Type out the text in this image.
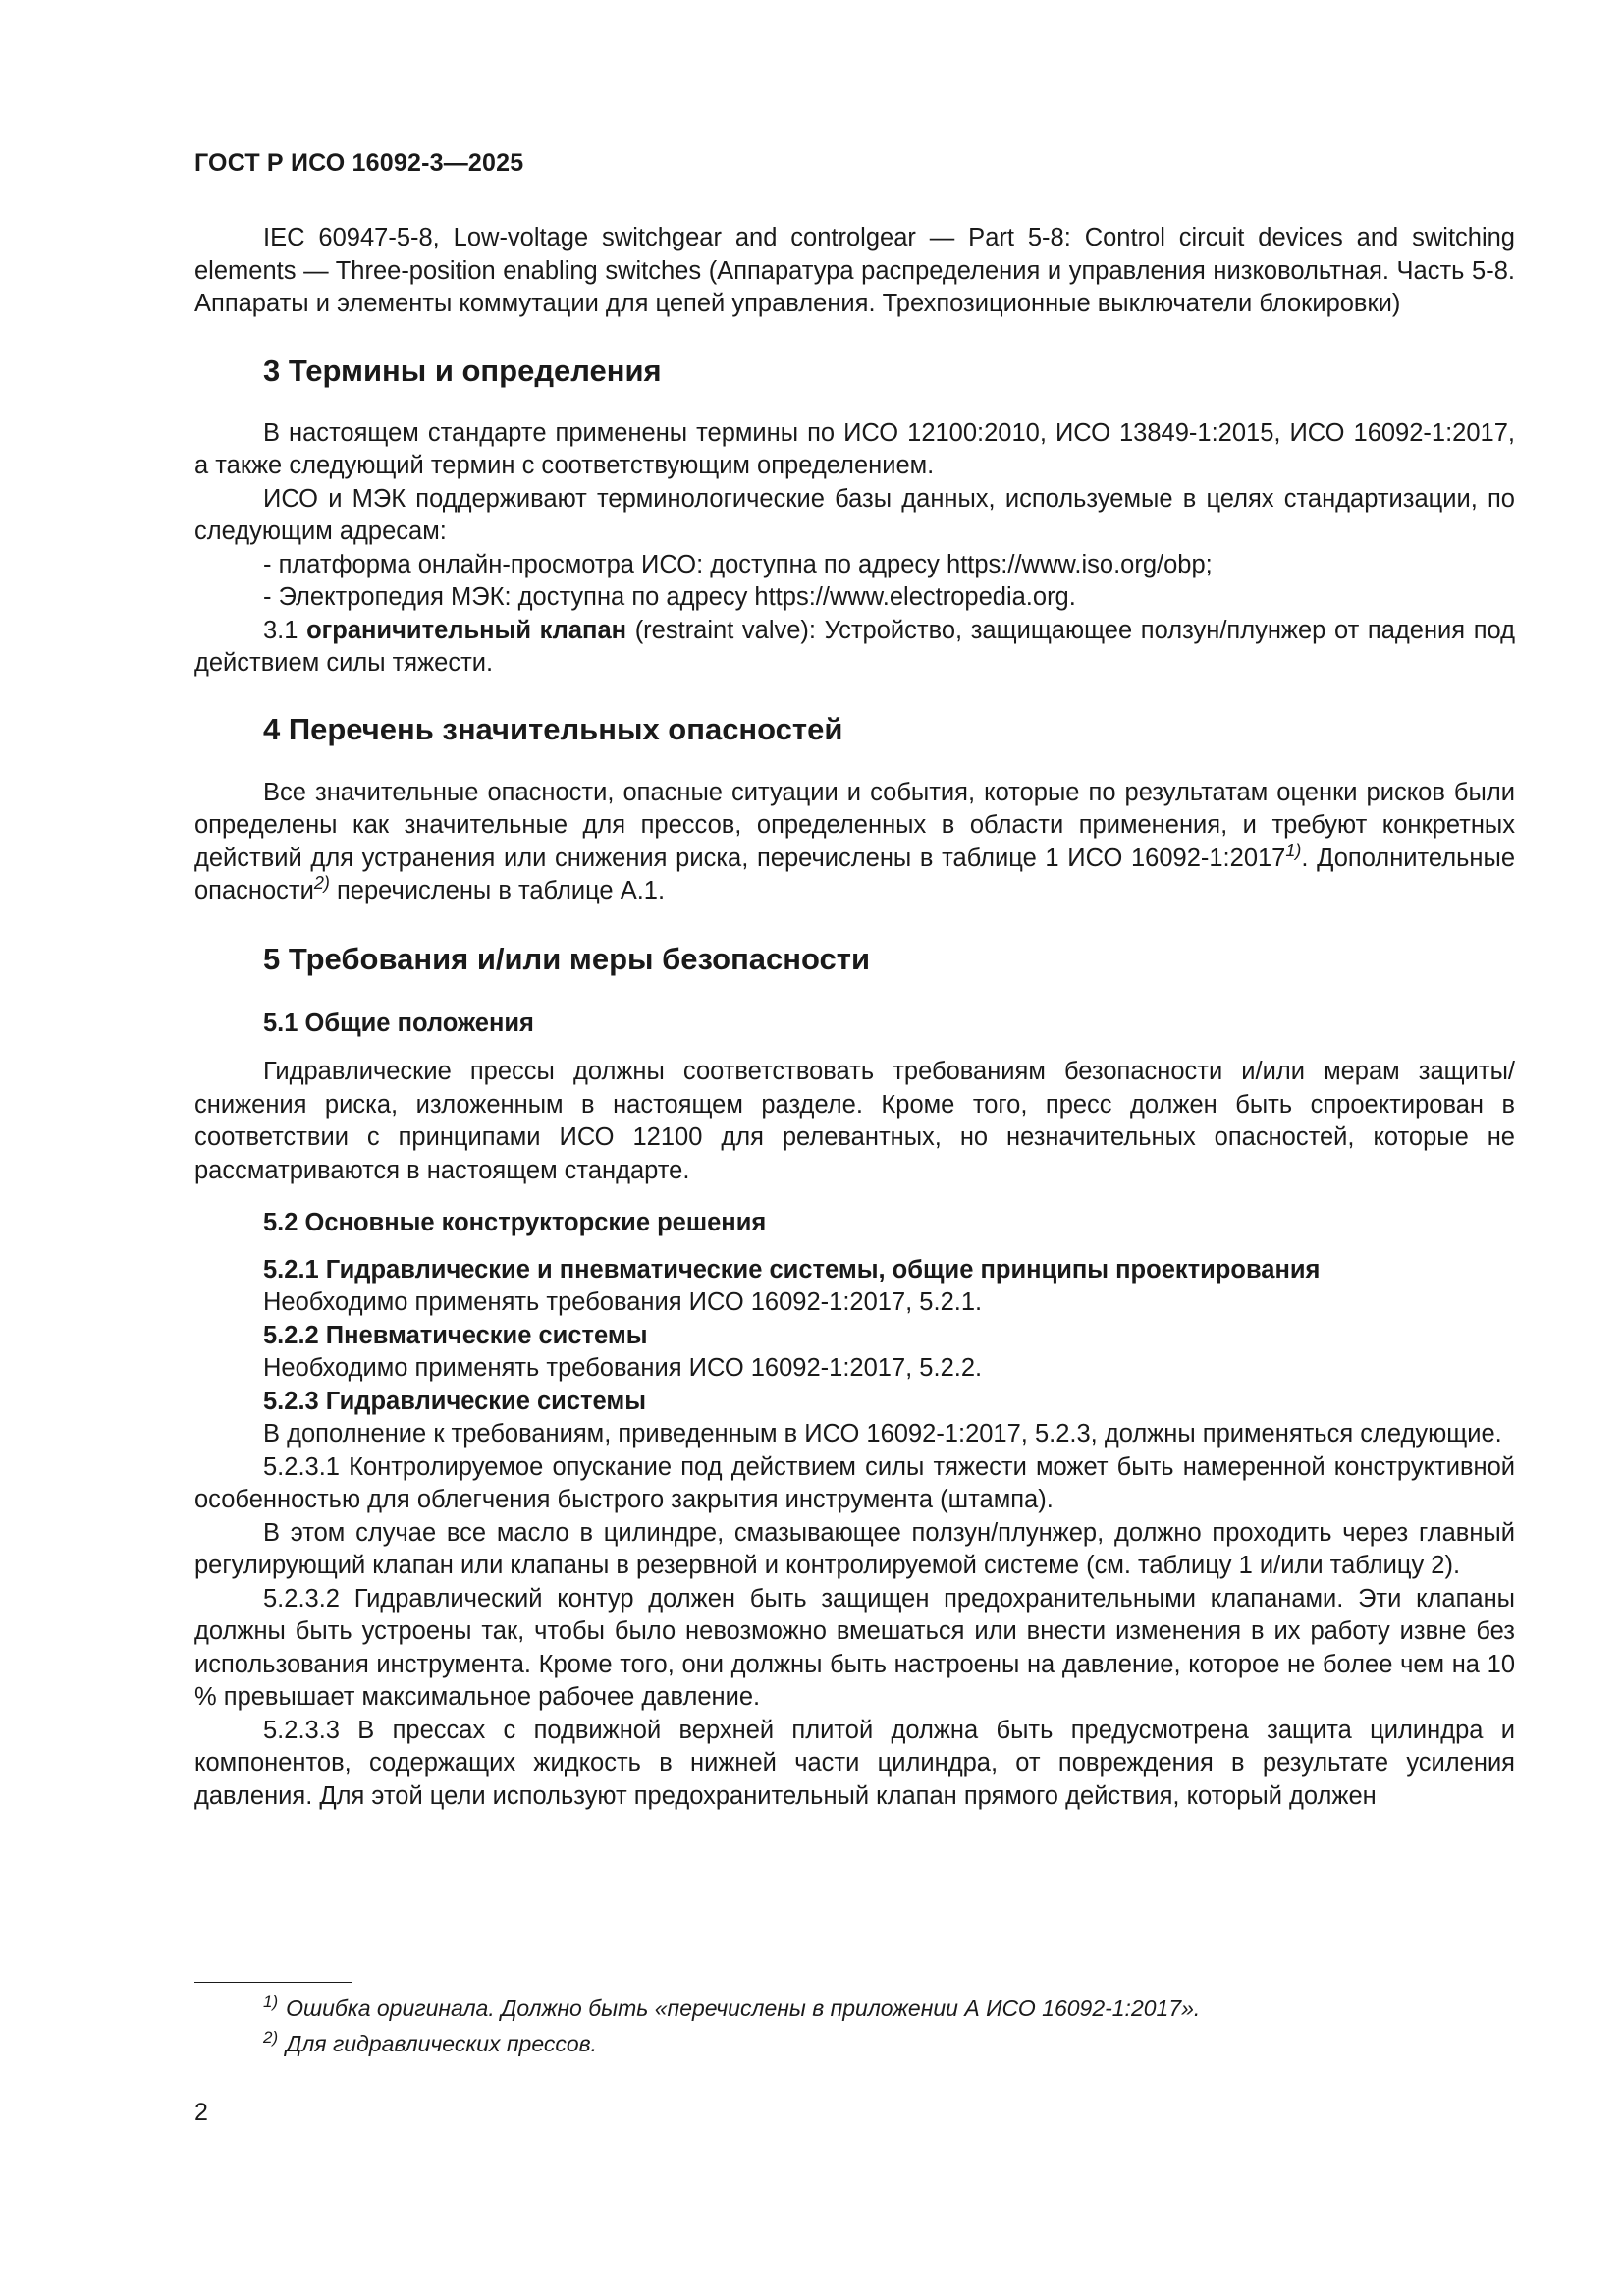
ГОСТ Р ИСО 16092-3—2025

IEC 60947-5-8, Low-voltage switchgear and controlgear — Part 5-8: Control circuit devices and switching elements — Three-position enabling switches (Аппаратура распределения и управления низковольтная. Часть 5-8. Аппараты и элементы коммутации для цепей управления. Трехпозиционные выключатели блокировки)

3 Термины и определения

В настоящем стандарте применены термины по ИСО 12100:2010, ИСО 13849-1:2015, ИСО 16092-1:2017, а также следующий термин с соответствующим определением.

ИСО и МЭК поддерживают терминологические базы данных, используемые в целях стандартизации, по следующим адресам:

- платформа онлайн-просмотра ИСО: доступна по адресу https://www.iso.org/obp;

- Электропедия МЭК: доступна по адресу https://www.electropedia.org.

3.1 ограничительный клапан (restraint valve): Устройство, защищающее ползун/плунжер от падения под действием силы тяжести.

4 Перечень значительных опасностей

Все значительные опасности, опасные ситуации и события, которые по результатам оценки рисков были определены как значительные для прессов, определенных в области применения, и требуют конкретных действий для устранения или снижения риска, перечислены в таблице 1 ИСО 16092-1:2017$^{1)}$. Дополнительные опасности$^{2)}$ перечислены в таблице А.1.

5 Требования и/или меры безопасности
5.1 Общие положения

Гидравлические прессы должны соответствовать требованиям безопасности и/или мерам защиты/снижения риска, изложенным в настоящем разделе. Кроме того, пресс должен быть спроектирован в соответствии с принципами ИСО 12100 для релевантных, но незначительных опасностей, которые не рассматриваются в настоящем стандарте.

5.2 Основные конструкторские решения
5.2.1 Гидравлические и пневматические системы, общие принципы проектирования

Необходимо применять требования ИСО 16092-1:2017, 5.2.1.

5.2.2 Пневматические системы

Необходимо применять требования ИСО 16092-1:2017, 5.2.2.

5.2.3 Гидравлические системы

В дополнение к требованиям, приведенным в ИСО 16092-1:2017, 5.2.3, должны применяться следующие.

5.2.3.1 Контролируемое опускание под действием силы тяжести может быть намеренной конструктивной особенностью для облегчения быстрого закрытия инструмента (штампа).

В этом случае все масло в цилиндре, смазывающее ползун/плунжер, должно проходить через главный регулирующий клапан или клапаны в резервной и контролируемой системе (см. таблицу 1 и/или таблицу 2).

5.2.3.2 Гидравлический контур должен быть защищен предохранительными клапанами. Эти клапаны должны быть устроены так, чтобы было невозможно вмешаться или внести изменения в их работу извне без использования инструмента. Кроме того, они должны быть настроены на давление, которое не более чем на 10 % превышает максимальное рабочее давление.

5.2.3.3 В прессах с подвижной верхней плитой должна быть предусмотрена защита цилиндра и компонентов, содержащих жидкость в нижней части цилиндра, от повреждения в результате усиления давления. Для этой цели используют предохранительный клапан прямого действия, который должен

$^{1)}$ Ошибка оригинала. Должно быть «перечислены в приложении А ИСО 16092-1:2017».
$^{2)}$ Для гидравлических прессов.
2
